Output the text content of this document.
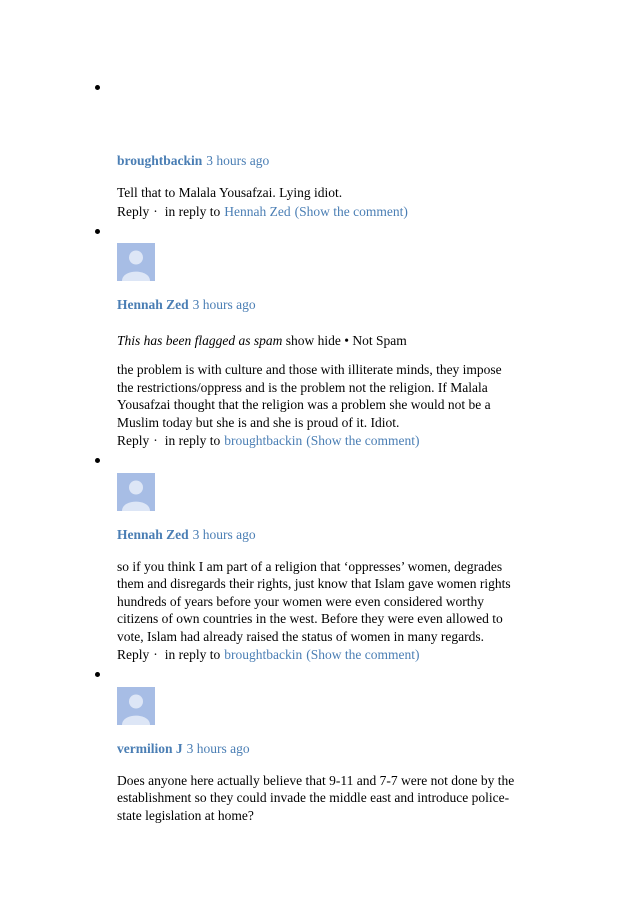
broughtbackin 3 hours ago
Tell that to Malala Yousafzai. Lying idiot.
Reply · in reply to Hennah Zed (Show the comment)
Hennah Zed 3 hours ago
This has been flagged as spam show hide • Not Spam
the problem is with culture and those with illiterate minds, they impose
the restrictions/oppress and is the problem not the religion. If Malala
Yousafzai thought that the religion was a problem she would not be a
Muslim today but she is and she is proud of it. Idiot.
Reply · in reply to broughtbackin (Show the comment)
Hennah Zed 3 hours ago
so if you think I am part of a religion that ‘oppresses’ women, degrades
them and disregards their rights, just know that Islam gave women rights
hundreds of years before your women were even considered worthy
citizens of own countries in the west. Before they were even allowed to
vote, Islam had already raised the status of women in many regards.
Reply · in reply to broughtbackin (Show the comment)
vermilion J 3 hours ago
Does anyone here actually believe that 9-11 and 7-7 were not done by the
establishment so they could invade the middle east and introduce police-
state legislation at home?
